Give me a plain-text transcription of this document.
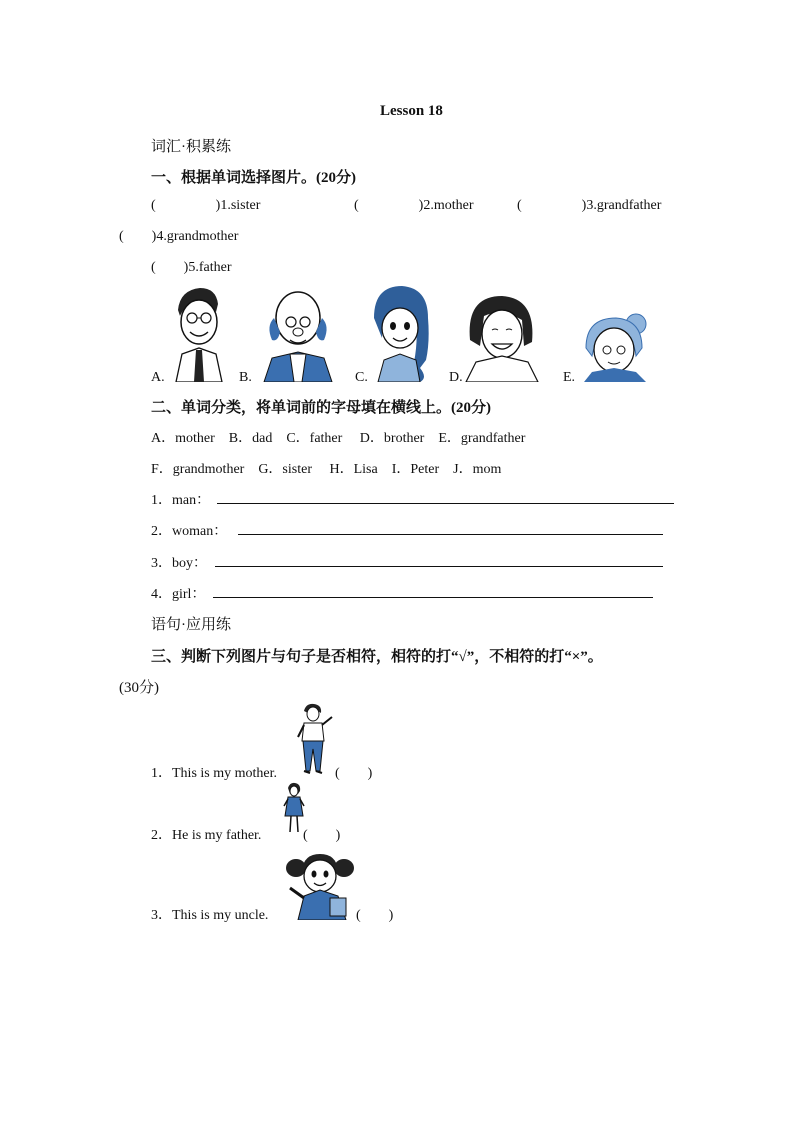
Lesson 18
词汇·积累练
一、根据单词选择图片。(20分)
(	)1.sister	(	)2.mother	(	)3.grandfather
( )4.grandmother
( )5.father
A.	B.	C.	D.	E.
二、单词分类，将单词前的字母填在横线上。(20分)
A．mother　B．dad　C．father　 D．brother　E．grandfather
F．grandmother　G．sister　 H．Lisa　I．Peter　J．mom
1．man：
2．woman：
3．boy：
4．girl：
语句·应用练
三、判断下列图片与句子是否相符，相符的打“√”，不相符的打“×”。
(30分)
1．This is my mother.	(　　)
2．He is my father.	(　　)
3．This is my uncle.	(　　)
